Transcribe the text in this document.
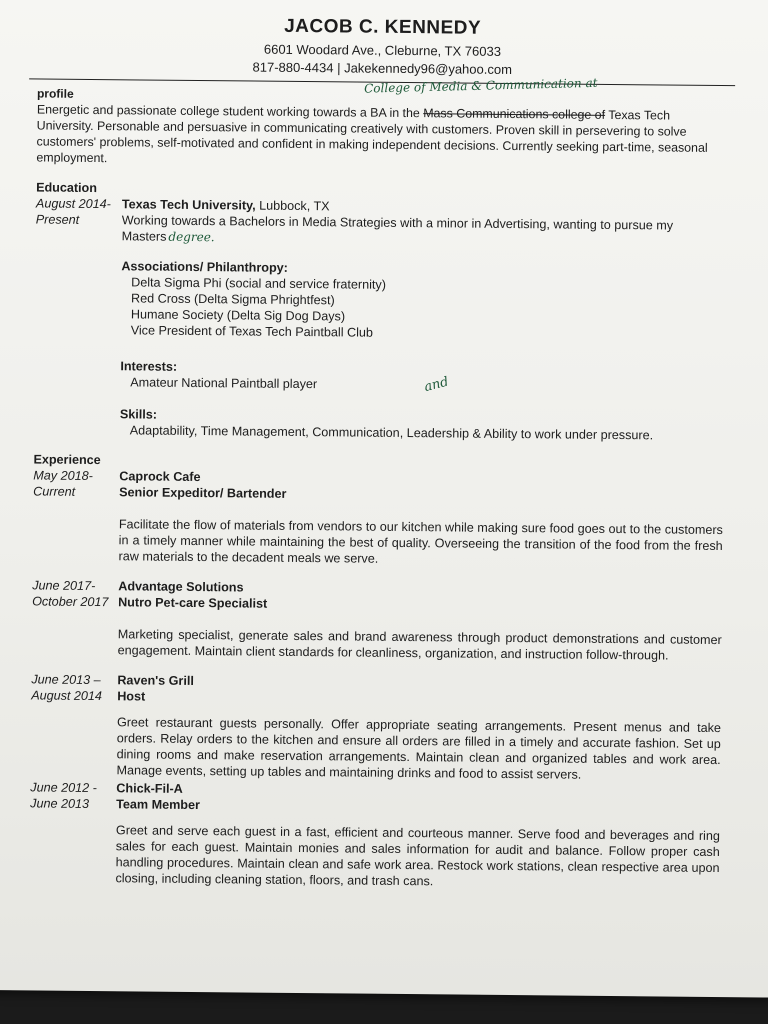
JACOB C. KENNEDY
6601 Woodard Ave., Cleburne, TX 76033
817-880-4434 | Jakekennedy96@yahoo.com
profile
Energetic and passionate college student working towards a BA in the Mass Communications college of Texas Tech University. Personable and persuasive in communicating creatively with customers. Proven skill in persevering to solve customers' problems, self-motivated and confident in making independent decisions. Currently seeking part-time, seasonal employment.
Education
August 2014-
Present
Texas Tech University, Lubbock, TX
Working towards a Bachelors in Media Strategies with a minor in Advertising, wanting to pursue my Masters degree.
Associations/ Philanthropy:
Delta Sigma Phi (social and service fraternity)
Red Cross (Delta Sigma Phrightfest)
Humane Society (Delta Sig Dog Days)
Vice President of Texas Tech Paintball Club
Interests:
Amateur National Paintball player
Skills:
Adaptability, Time Management, Communication, Leadership & Ability to work under pressure.
Experience
May 2018-
Current
Caprock Cafe
Senior Expeditor/ Bartender
Facilitate the flow of materials from vendors to our kitchen while making sure food goes out to the customers in a timely manner while maintaining the best of quality. Overseeing the transition of the food from the fresh raw materials to the decadent meals we serve.
June 2017-
October 2017
Advantage Solutions
Nutro Pet-care Specialist
Marketing specialist, generate sales and brand awareness through product demonstrations and customer engagement. Maintain client standards for cleanliness, organization, and instruction follow-through.
June 2013 –
August 2014
Raven's Grill
Host
Greet restaurant guests personally. Offer appropriate seating arrangements. Present menus and take orders. Relay orders to the kitchen and ensure all orders are filled in a timely and accurate fashion. Set up dining rooms and make reservation arrangements. Maintain clean and organized tables and work area. Manage events, setting up tables and maintaining drinks and food to assist servers.
June 2012 -
June 2013
Chick-Fil-A
Team Member
Greet and serve each guest in a fast, efficient and courteous manner. Serve food and beverages and ring sales for each guest. Maintain monies and sales information for audit and balance. Follow proper cash handling procedures. Maintain clean and safe work area. Restock work stations, clean respective area upon closing, including cleaning station, floors, and trash cans.
College of Media & Communication at
and
